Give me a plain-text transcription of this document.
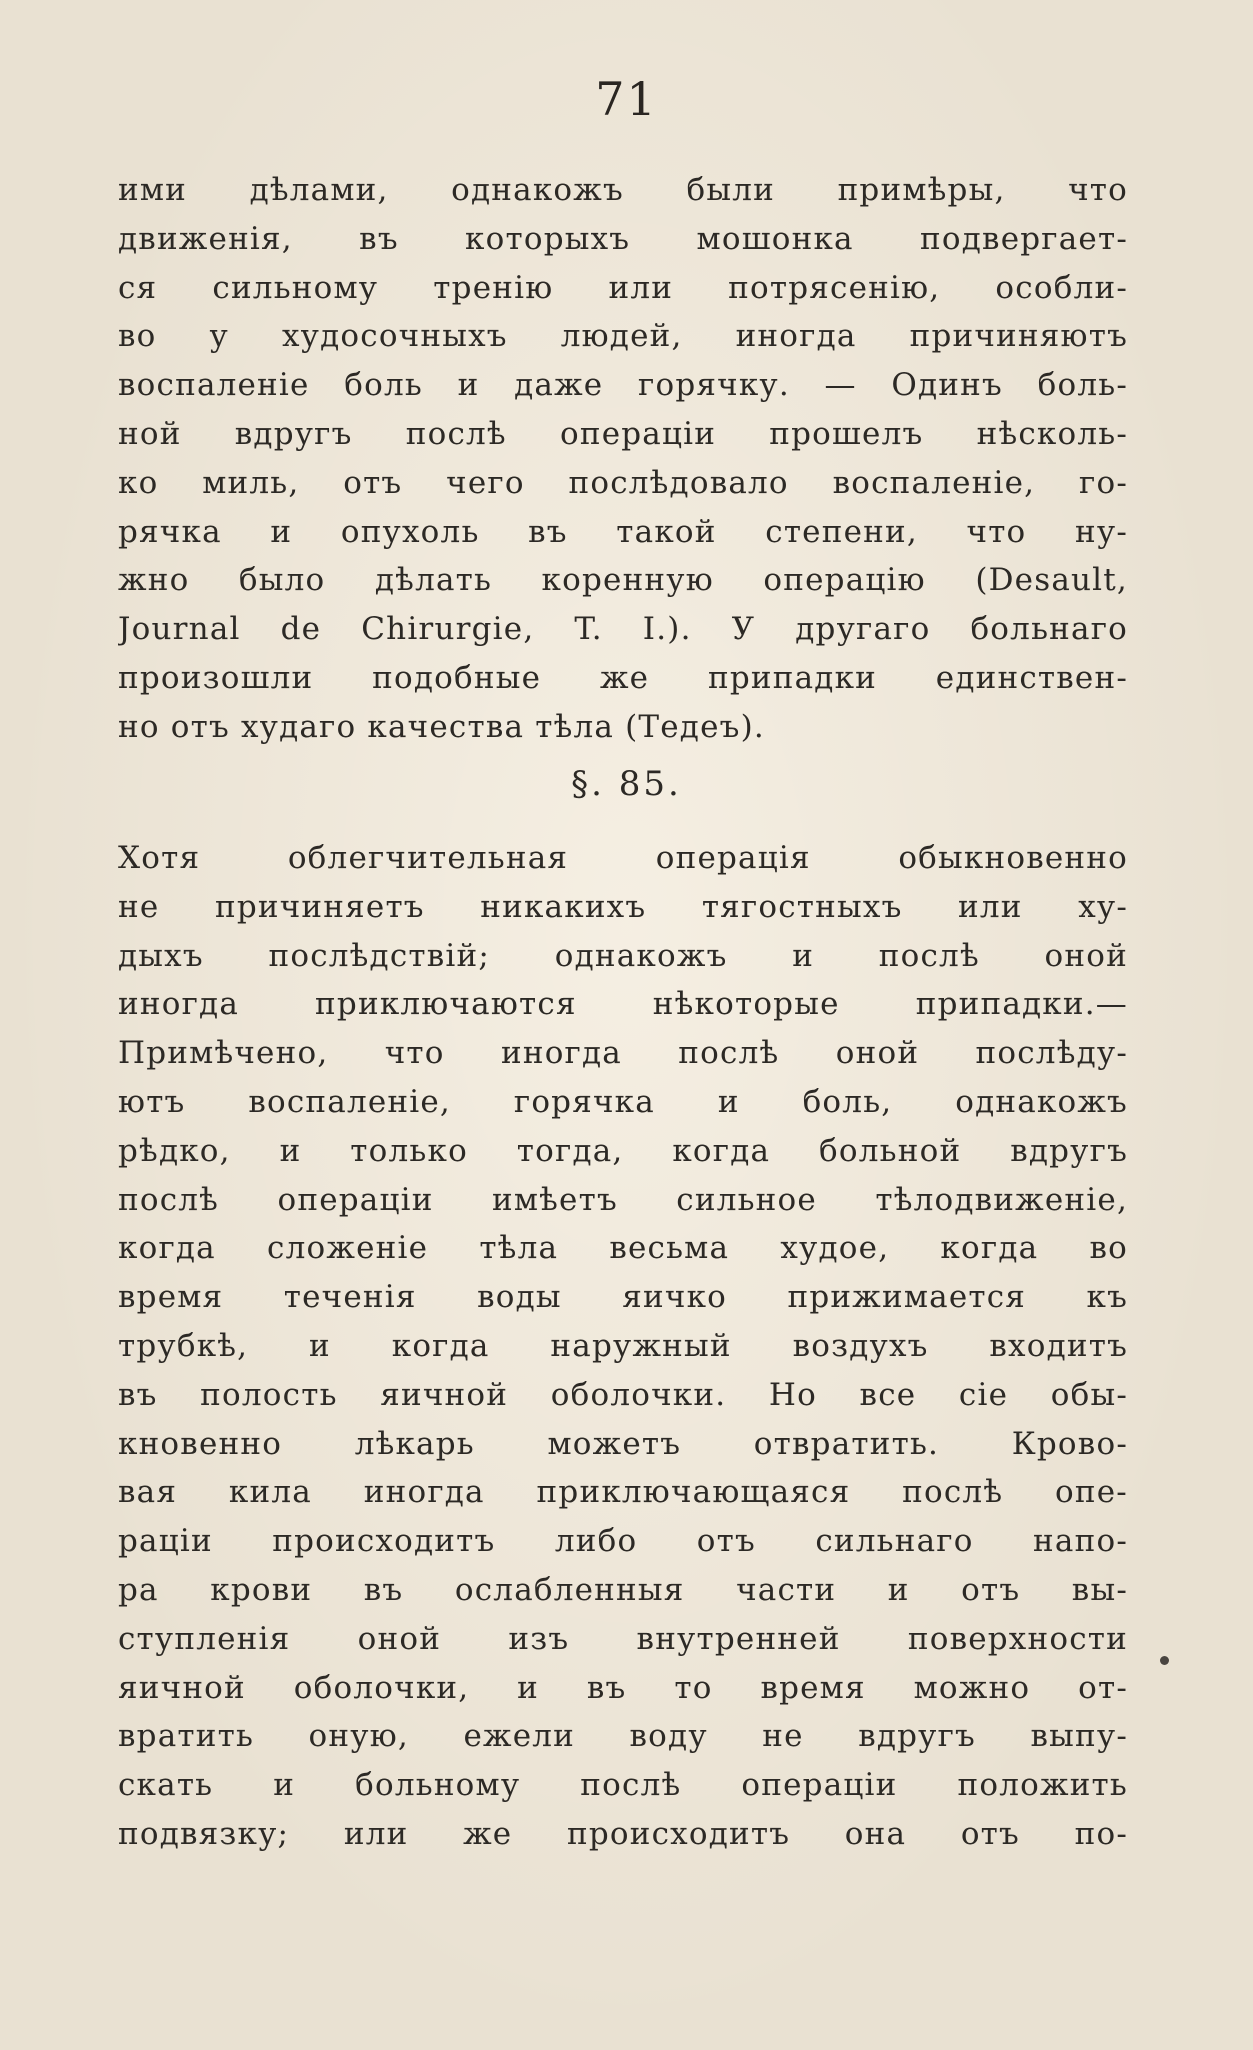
71
ими дѣлами, однакожъ были примѣры, что
движенія, въ которыхъ мошонка подвергает-
ся сильному тренію или потрясенію, особли-
во у худосочныхъ людей, иногда причиняютъ
воспаленіе боль и даже горячку. — Одинъ боль-
ной вдругъ послѣ операціи прошелъ нѣсколь-
ко миль, отъ чего послѣдовало воспаленіе, го-
рячка и опухоль въ такой степени, что ну-
жно было дѣлать коренную операцію (Desault,
Journal de Chirurgie, T. I.). У другаго больнаго
произошли подобные же припадки единствен-
но отъ худаго качества тѣла (Тедеъ).
§. 85.
Хотя облегчительная операція обыкновенно
не причиняетъ никакихъ тягостныхъ или ху-
дыхъ послѣдствій; однакожъ и послѣ оной
иногда приключаются нѣкоторые припадки.—
Примѣчено, что иногда послѣ оной послѣду-
ютъ воспаленіе, горячка и боль, однакожъ
рѣдко, и только тогда, когда больной вдругъ
послѣ операціи имѣетъ сильное тѣлодвиженіе,
когда сложеніе тѣла весьма худое, когда во
время теченія воды яичко прижимается къ
трубкѣ, и когда наружный воздухъ входитъ
въ полость яичной оболочки. Но все сіе обы-
кновенно лѣкарь можетъ отвратить. Крово-
вая кила иногда приключающаяся послѣ опе-
раціи происходитъ либо отъ сильнаго напо-
ра крови въ ослабленныя части и отъ вы-
ступленія оной изъ внутренней поверхности
яичной оболочки, и въ то время можно от-
вратить оную, ежели воду не вдругъ выпу-
скать и больному послѣ операціи положить
подвязку; или же происходитъ она отъ по-
